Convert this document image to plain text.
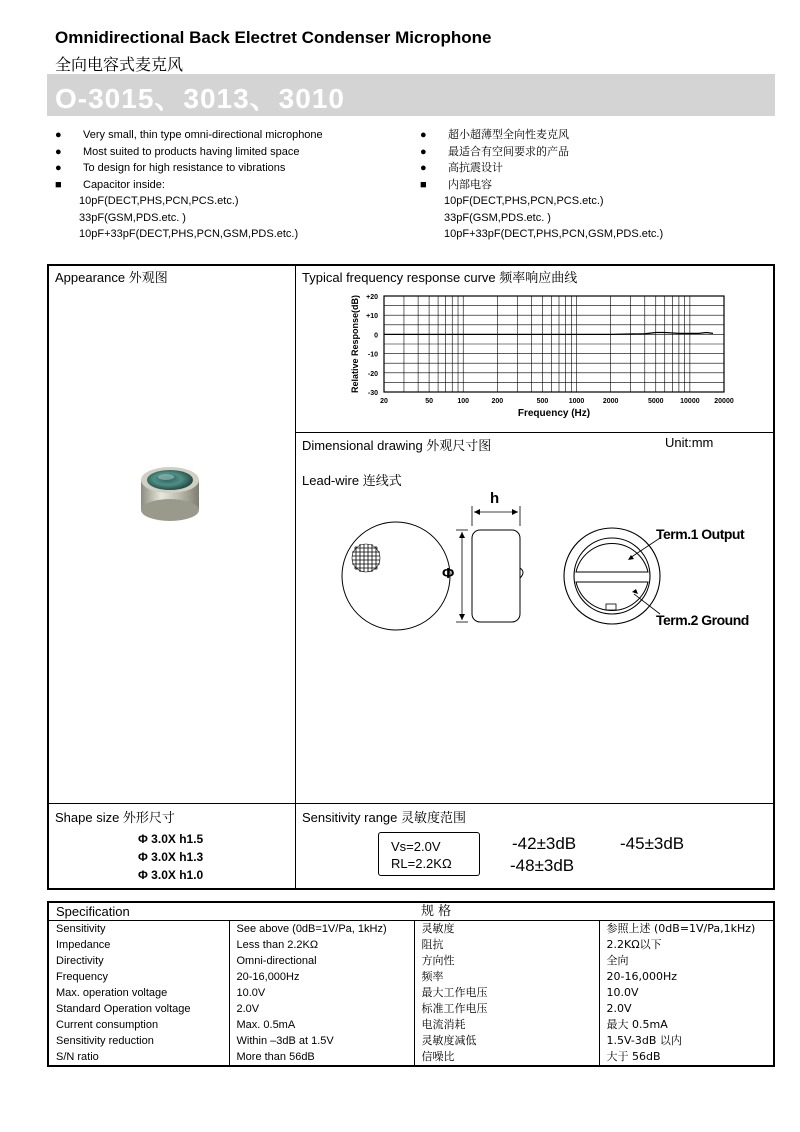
Omnidirectional Back Electret Condenser Microphone
全向电容式麦克风
O-3015、3013、3010
● Very small, thin type omni-directional microphone
● Most suited to products having limited space
● To design for high resistance to vibrations
■ Capacitor inside:
10pF(DECT,PHS,PCN,PCS.etc.)
33pF(GSM,PDS.etc. )
10pF+33pF(DECT,PHS,PCN,GSM,PDS.etc.)
● 超小超薄型全向性麦克风
● 最适合有空间要求的产品
● 高抗震设计
■ 内部电容
10pF(DECT,PHS,PCN,PCS.etc.)
33pF(GSM,PDS.etc. )
10pF+33pF(DECT,PHS,PCN,GSM,PDS.etc.)
Appearance 外观图	Typical frequency response curve 频率响应曲线
Dimensional drawing 外观尺寸图	Unit:mm
Lead-wire 连线式
Shape size 外形尺寸	Sensitivity range 灵敏度范围
20	50	100	200	500	1000	2000	5000 10000 20000
+20
+10
0
-10
-20
-30
Frequency (Hz)
Relative Response(dB)
h
Φ
Term.1 Output
Term.2 Ground
Φ 3.0X h1.5
Φ 3.0X h1.3
Φ 3.0X h1.0
Vs=2.0V
RL=2.2KΩ
-42±3dB	-45±3dB
-48±3dB
Specification		规 格	
Sensitivity	See above (0dB=1V/Pa, 1kHz)	灵敏度	参照上述 (0dB=1V/Pa,1kHz)
Impedance	Less than 2.2KΩ	阻抗	2.2KΩ以下
Directivity	Omni-directional	方向性	全向
Frequency	20-16,000Hz	频率	20-16,000Hz
Max. operation voltage	10.0V	最大工作电压	10.0V
Standard Operation voltage	2.0V	标准工作电压	2.0V
Current consumption	Max. 0.5mA	电流消耗	最大 0.5mA
Sensitivity reduction	Within –3dB at 1.5V	灵敏度减低	1.5V-3dB 以内
S/N ratio	More than 56dB	信噪比	大于 56dB
